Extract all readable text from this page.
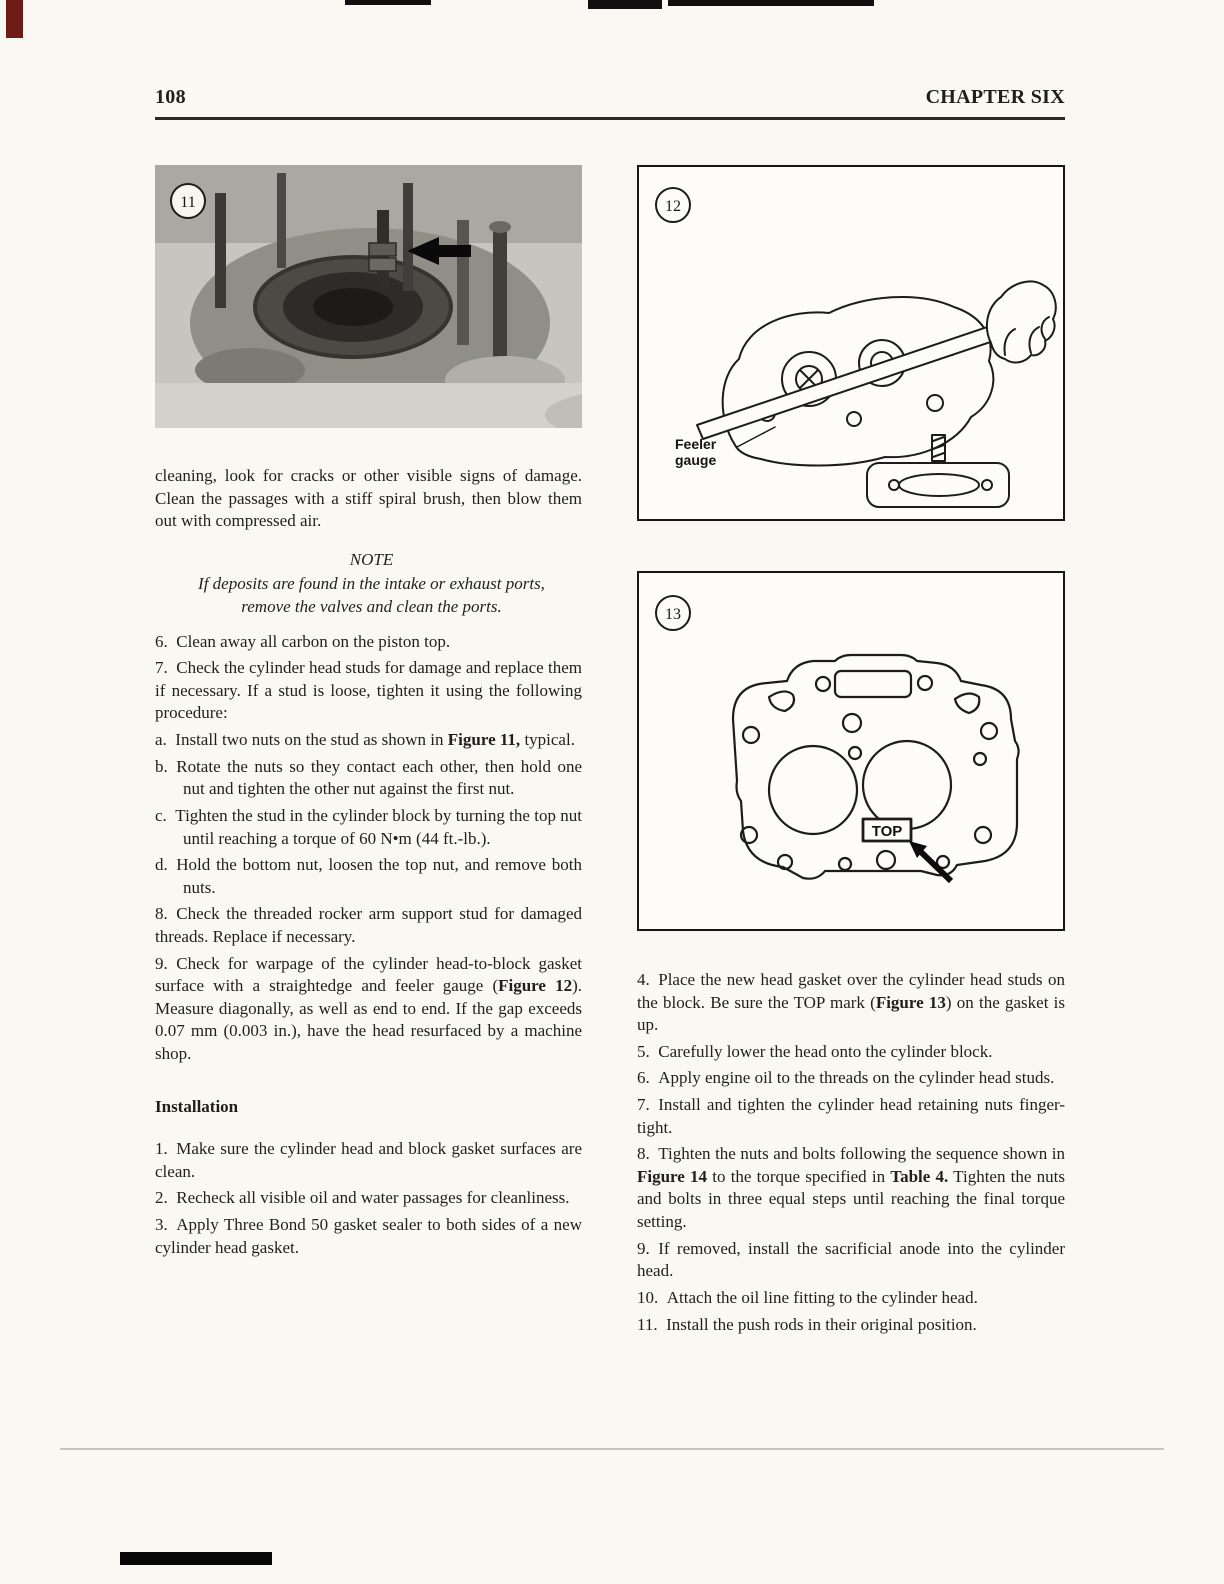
108	CHAPTER SIX
11

cleaning, look for cracks or other visible signs of damage. Clean the passages with a stiff spiral brush, then blow them out with compressed air.

NOTE
If deposits are found in the intake or exhaust ports, remove the valves and clean the ports.

6. Clean away all carbon on the piston top.

7. Check the cylinder head studs for damage and replace them if necessary. If a stud is loose, tighten it using the following procedure:

a. Install two nuts on the stud as shown in Figure 11, typical.

b. Rotate the nuts so they contact each other, then hold one nut and tighten the other nut against the first nut.

c. Tighten the stud in the cylinder block by turning the top nut until reaching a torque of 60 N•m (44 ft.-lb.).

d. Hold the bottom nut, loosen the top nut, and remove both nuts.

8. Check the threaded rocker arm support stud for damaged threads. Replace if necessary.

9. Check for warpage of the cylinder head-to-block gasket surface with a straightedge and feeler gauge (Figure 12). Measure diagonally, as well as end to end. If the gap exceeds 0.07 mm (0.003 in.), have the head resurfaced by a machine shop.

Installation

1. Make sure the cylinder head and block gasket surfaces are clean.

2. Recheck all visible oil and water passages for cleanliness.

3. Apply Three Bond 50 gasket sealer to both sides of a new cylinder head gasket.

12
Feeler
gauge
TOP
13

4. Place the new head gasket over the cylinder head studs on the block. Be sure the TOP mark (Figure 13) on the gasket is up.

5. Carefully lower the head onto the cylinder block.

6. Apply engine oil to the threads on the cylinder head studs.

7. Install and tighten the cylinder head retaining nuts finger-tight.

8. Tighten the nuts and bolts following the sequence shown in Figure 14 to the torque specified in Table 4. Tighten the nuts and bolts in three equal steps until reaching the final torque setting.

9. If removed, install the sacrificial anode into the cylinder head.

10. Attach the oil line fitting to the cylinder head.

11. Install the push rods in their original position.
